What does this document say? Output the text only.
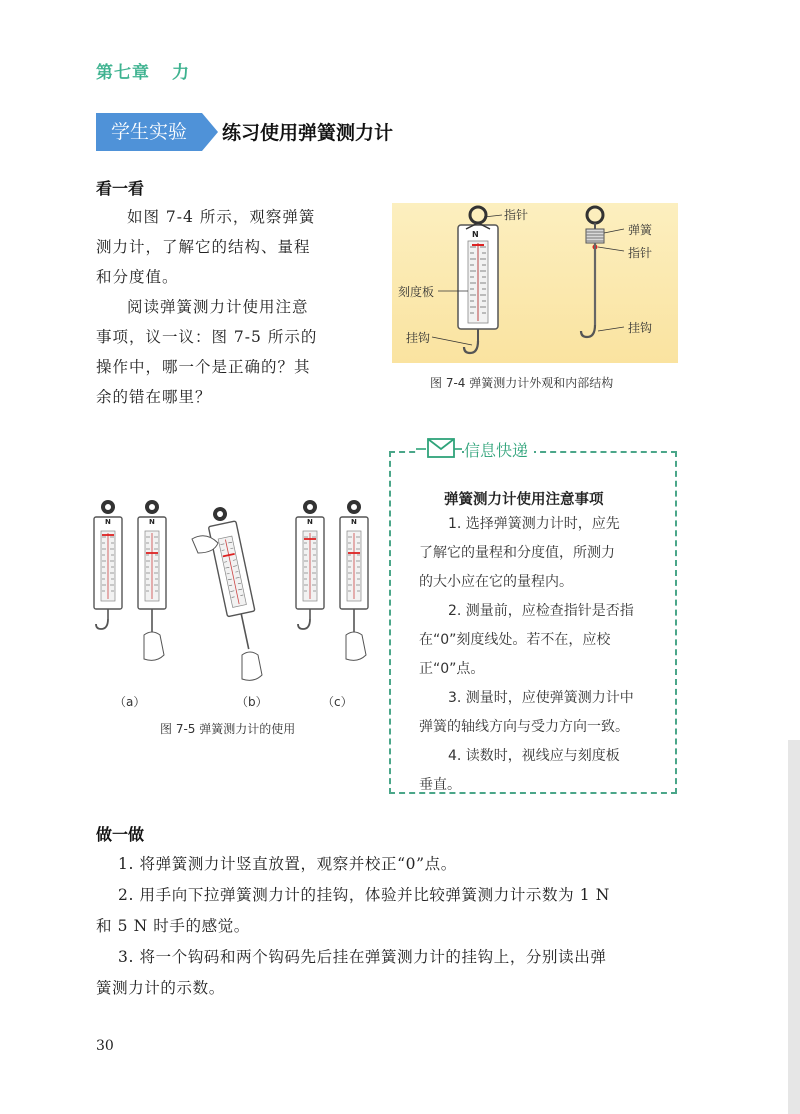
第七章 力
学生实验	练习使用弹簧测力计
看一看
如图 7-4 所示，观察弹簧
测力计，了解它的结构、量程
和分度值。
阅读弹簧测力计使用注意
事项，议一议：图 7-5 所示的
操作中，哪一个是正确的？其
余的错在哪里？
N
指针
刻度板
挂钩
弹簧
指针
挂钩
图 7-4 弹簧测力计外观和内部结构
N	N	N	N
（a）	（b）	（c）
图 7-5 弹簧测力计的使用
信息快递
弹簧测力计使用注意事项
1. 选择弹簧测力计时，应先
了解它的量程和分度值，所测力
的大小应在它的量程内。
2. 测量前，应检查指针是否指
在“0”刻度线处。若不在，应校
正“0”点。
3. 测量时，应使弹簧测力计中
弹簧的轴线方向与受力方向一致。
4. 读数时，视线应与刻度板
垂直。
做一做
1. 将弹簧测力计竖直放置，观察并校正“0”点。
2. 用手向下拉弹簧测力计的挂钩，体验并比较弹簧测力计示数为 1 N
和 5 N 时手的感觉。
3. 将一个钩码和两个钩码先后挂在弹簧测力计的挂钩上，分别读出弹
簧测力计的示数。
30
